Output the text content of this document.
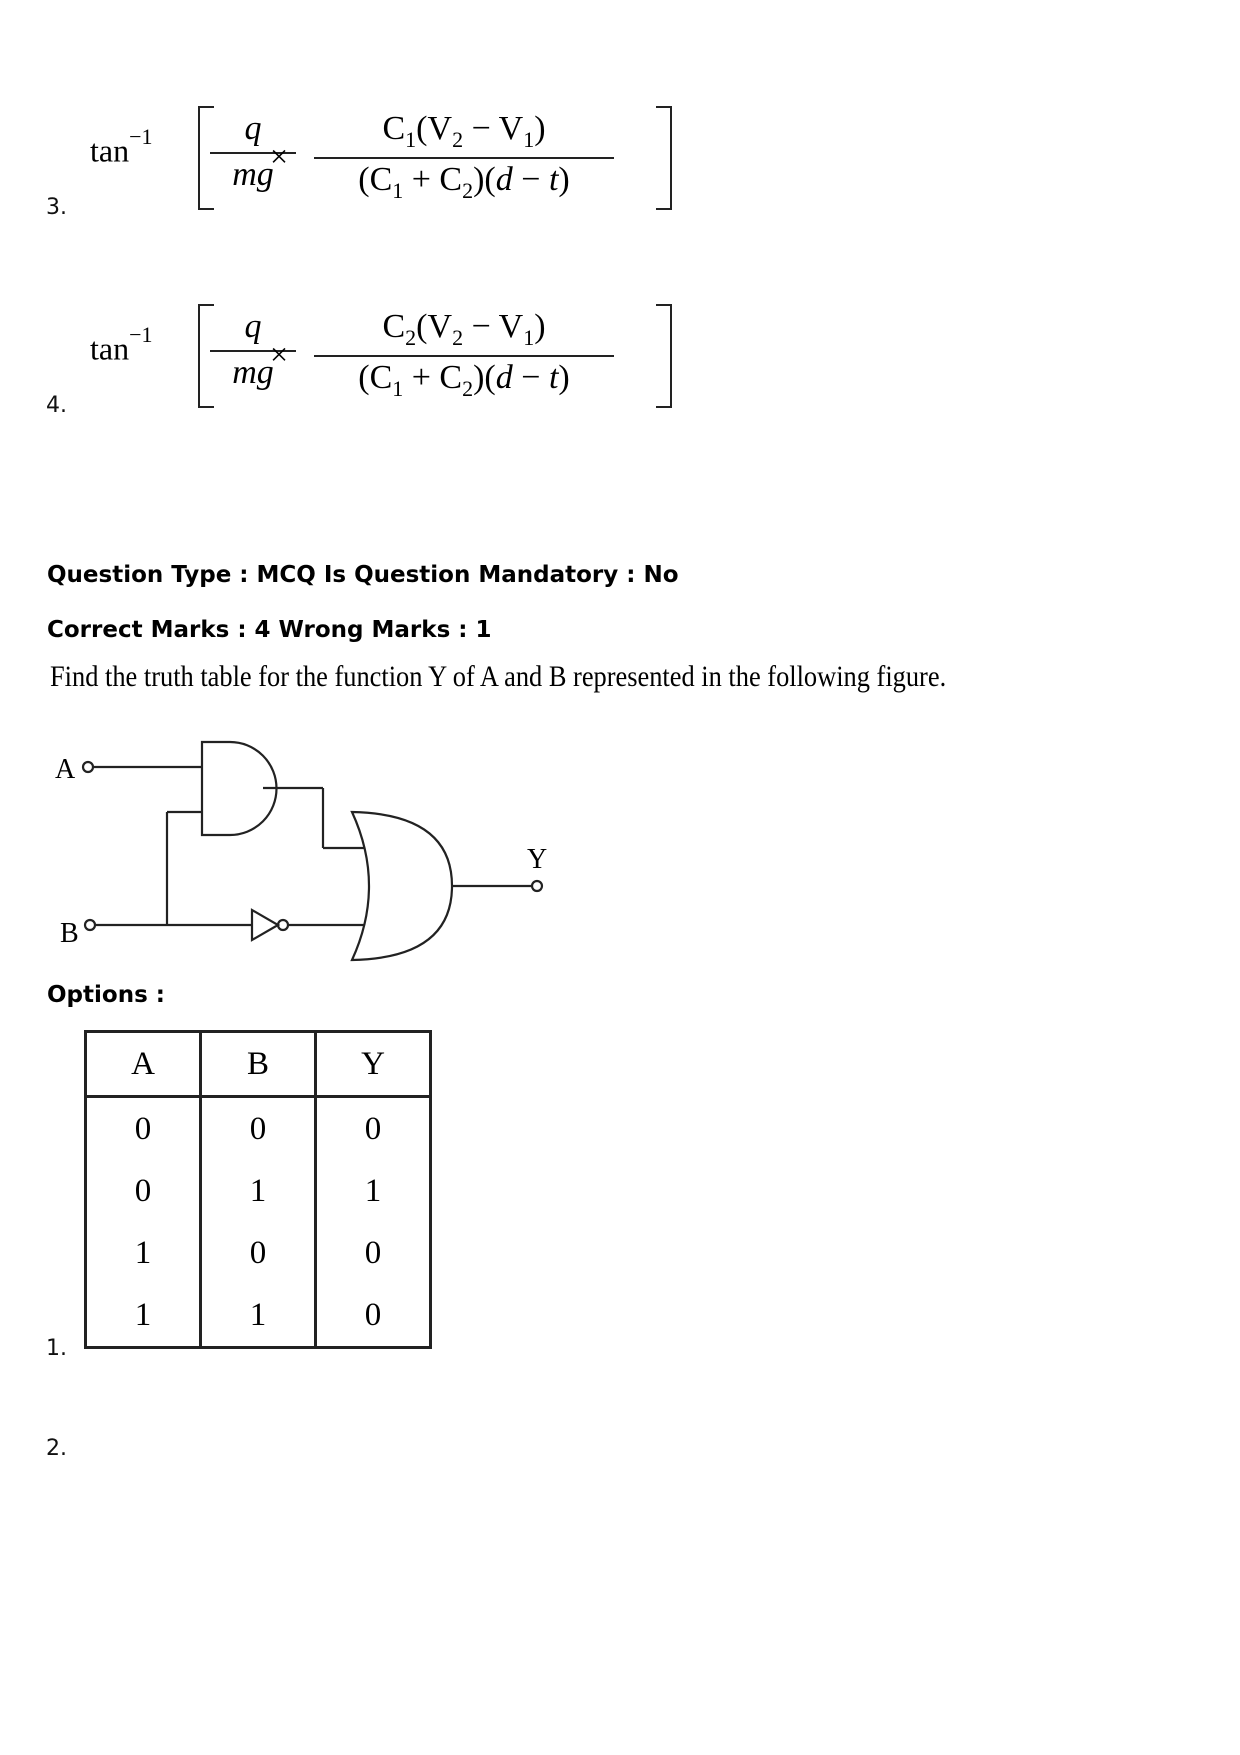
3.
$\tan^{-1} \frac{q}{mg}$
× $\frac{C_1(V_2 - V_1)}{(C_1 + C_2)(d - t)}$
4.
$\tan^{-1} \frac{q}{mg}$
× $\frac{C_2(V_2 - V_1)}{(C_1 + C_2)(d - t)}$
Question Type : MCQ Is Question Mandatory : No
Correct Marks : 4 Wrong Marks : 1
Find the truth table for the function Y of A and B represented in the following figure.
A
B
Y
Options :
A	B	Y
0	0	0
0	1	1
1	0	0
1	1	0
1.
2.
